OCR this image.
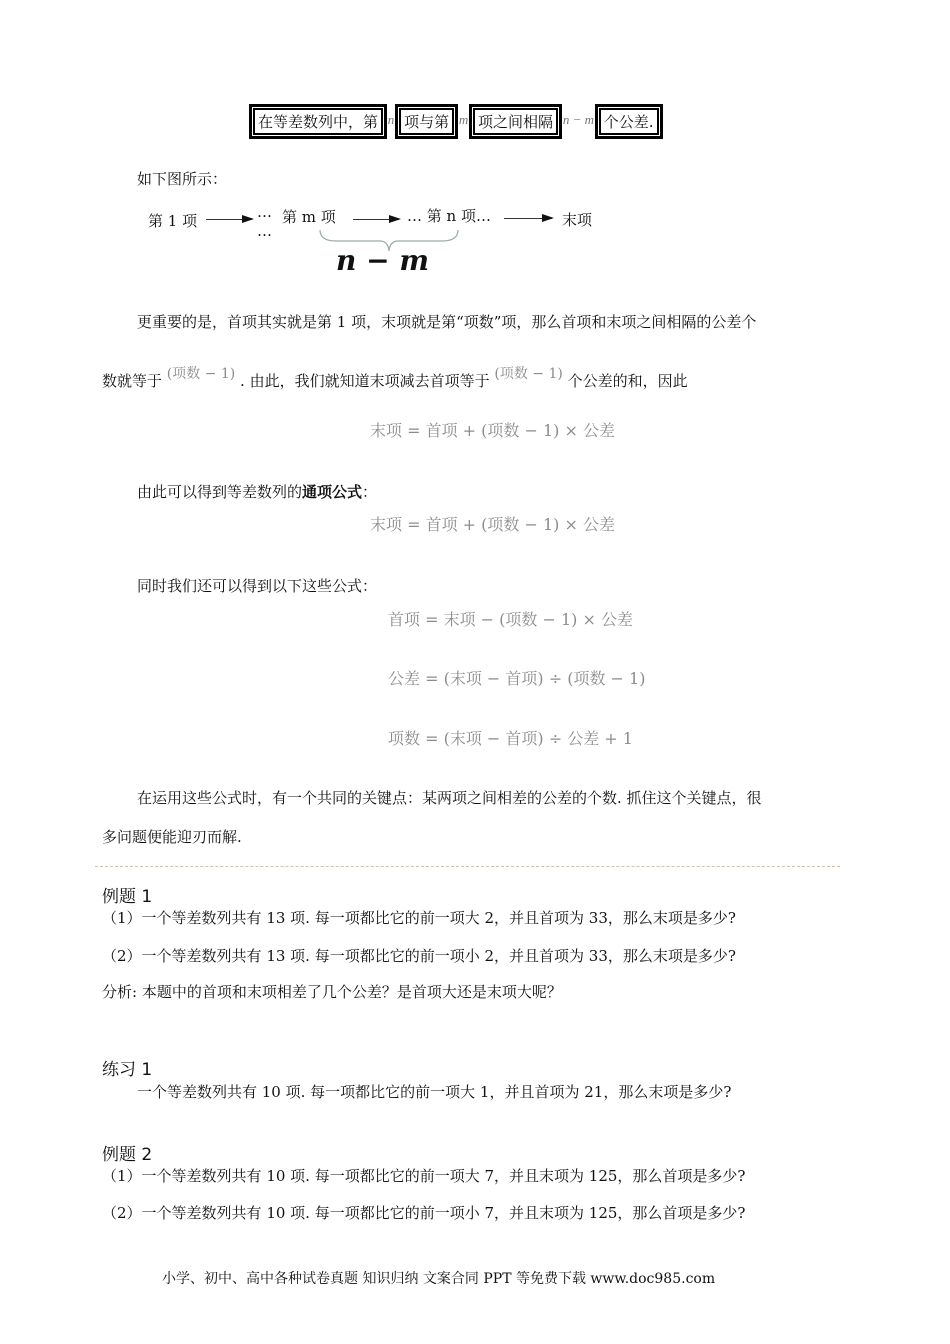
在等差数列中，第 n 项与第 m 项之间相隔 n − m 个公差.
如下图所示：
第 1 项	…
…
第 m 项	… 第 n 项…	末项
n − m
更重要的是，首项其实就是第 1 项，末项就是第“项数”项，那么首项和末项之间相隔的公差个
数就等于 (项数 − 1) . 由此，我们就知道末项减去首项等于 (项数 − 1) 个公差的和，因此
末项 = 首项 + (项数 − 1) × 公差
由此可以得到等差数列的通项公式：
末项 = 首项 + (项数 − 1) × 公差
同时我们还可以得到以下这些公式：
首项 = 末项 − (项数 − 1) × 公差
公差 = (末项 − 首项) ÷ (项数 − 1)
项数 = (末项 − 首项) ÷ 公差 + 1
在运用这些公式时，有一个共同的关键点：某两项之间相差的公差的个数. 抓住这个关键点，很
多问题便能迎刃而解.
例题 1
（1）一个等差数列共有 13 项. 每一项都比它的前一项大 2，并且首项为 33，那么末项是多少?
（2）一个等差数列共有 13 项. 每一项都比它的前一项小 2，并且首项为 33，那么末项是多少?
分析: 本题中的首项和末项相差了几个公差？是首项大还是末项大呢？
练习 1
一个等差数列共有 10 项. 每一项都比它的前一项大 1，并且首项为 21，那么末项是多少?
例题 2
（1）一个等差数列共有 10 项. 每一项都比它的前一项大 7，并且末项为 125，那么首项是多少?
（2）一个等差数列共有 10 项. 每一项都比它的前一项小 7，并且末项为 125，那么首项是多少?
小学、初中、高中各种试卷真题 知识归纳 文案合同 PPT 等免费下载 www.doc985.com
